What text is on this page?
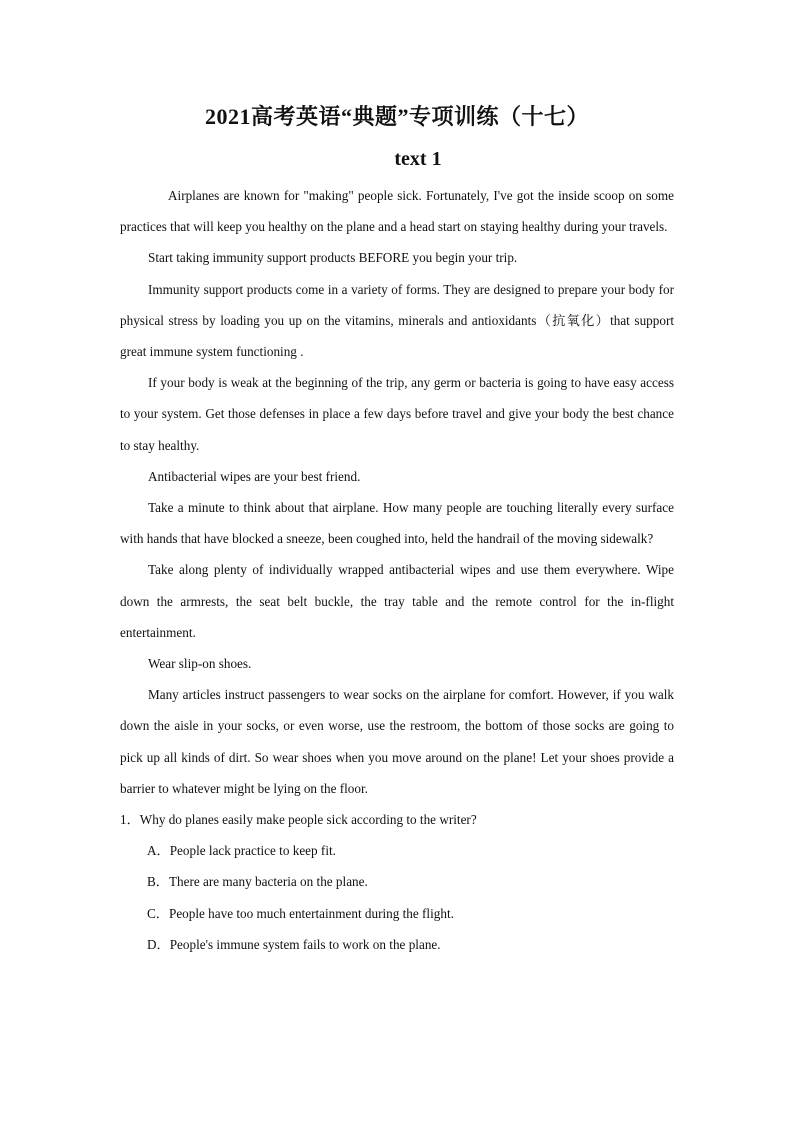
2021高考英语“典题”专项训练（十七）
text 1

Airplanes are known for "making" people sick. Fortunately, I've got the inside scoop on some practices that will keep you healthy on the plane and a head start on staying healthy during your travels.

Start taking immunity support products BEFORE you begin your trip.

Immunity support products come in a variety of forms. They are designed to prepare your body for physical stress by loading you up on the vitamins, minerals and antioxidants（抗氧化）that support great immune system functioning .

If your body is weak at the beginning of the trip, any germ or bacteria is going to have easy access to your system. Get those defenses in place a few days before travel and give your body the best chance to stay healthy.

Antibacterial wipes are your best friend.

Take a minute to think about that airplane. How many people are touching literally every surface with hands that have blocked a sneeze, been coughed into, held the handrail of the moving sidewalk?

Take along plenty of individually wrapped antibacterial wipes and use them everywhere. Wipe down the armrests, the seat belt buckle, the tray table and the remote control for the in-flight entertainment.

Wear slip-on shoes.

Many articles instruct passengers to wear socks on the airplane for comfort. However, if you walk down the aisle in your socks, or even worse, use the restroom, the bottom of those socks are going to pick up all kinds of dirt. So wear shoes when you move around on the plane! Let your shoes provide a barrier to whatever might be lying on the floor.

1．Why do planes easily make people sick according to the writer?

A．People lack practice to keep fit.

B．There are many bacteria on the plane.

C．People have too much entertainment during the flight.

D．People's immune system fails to work on the plane.
